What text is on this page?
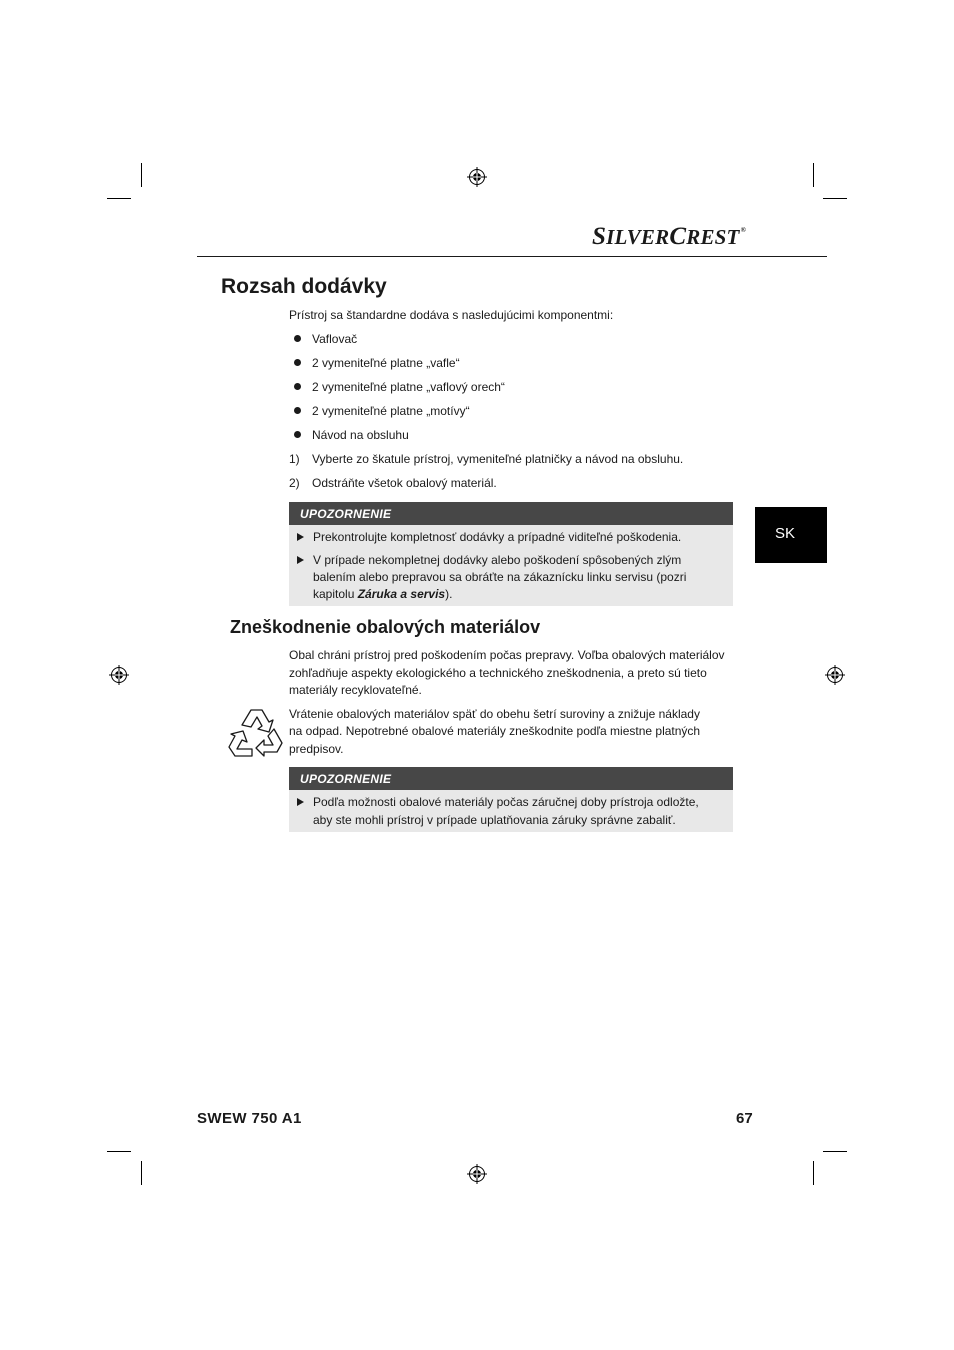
SILVERCREST®
Rozsah dodávky
Prístroj sa štandardne dodáva s nasledujúcimi komponentmi:
Vaflovač
2 vymeniteľné platne „vafle“
2 vymeniteľné platne „vaflový orech“
2 vymeniteľné platne „motívy“
Návod na obsluhu
1) Vyberte zo škatule prístroj, vymeniteľné platničky a návod na obsluhu.
2) Odstráňte všetok obalový materiál.
UPOZORNENIE
Prekontrolujte kompletnosť dodávky a prípadné viditeľné poškodenia.
V prípade nekompletnej dodávky alebo poškodení spôsobených zlým
balením alebo prepravou sa obráťte na zákaznícku linku servisu (pozri
kapitolu Záruka a servis).
SK
Zneškodnenie obalových materiálov
Obal chráni prístroj pred poškodením počas prepravy. Voľba obalových materiálov
zohľadňuje aspekty ekologického a technického zneškodnenia, a preto sú tieto
materiály recyklovateľné.
Vrátenie obalových materiálov späť do obehu šetrí suroviny a znižuje náklady
na odpad. Nepotrebné obalové materiály zneškodnite podľa miestne platných
predpisov.
UPOZORNENIE
Podľa možnosti obalové materiály počas záručnej doby prístroja odložte,
aby ste mohli prístroj v prípade uplatňovania záruky správne zabaliť.
SWEW 750 A1	67
